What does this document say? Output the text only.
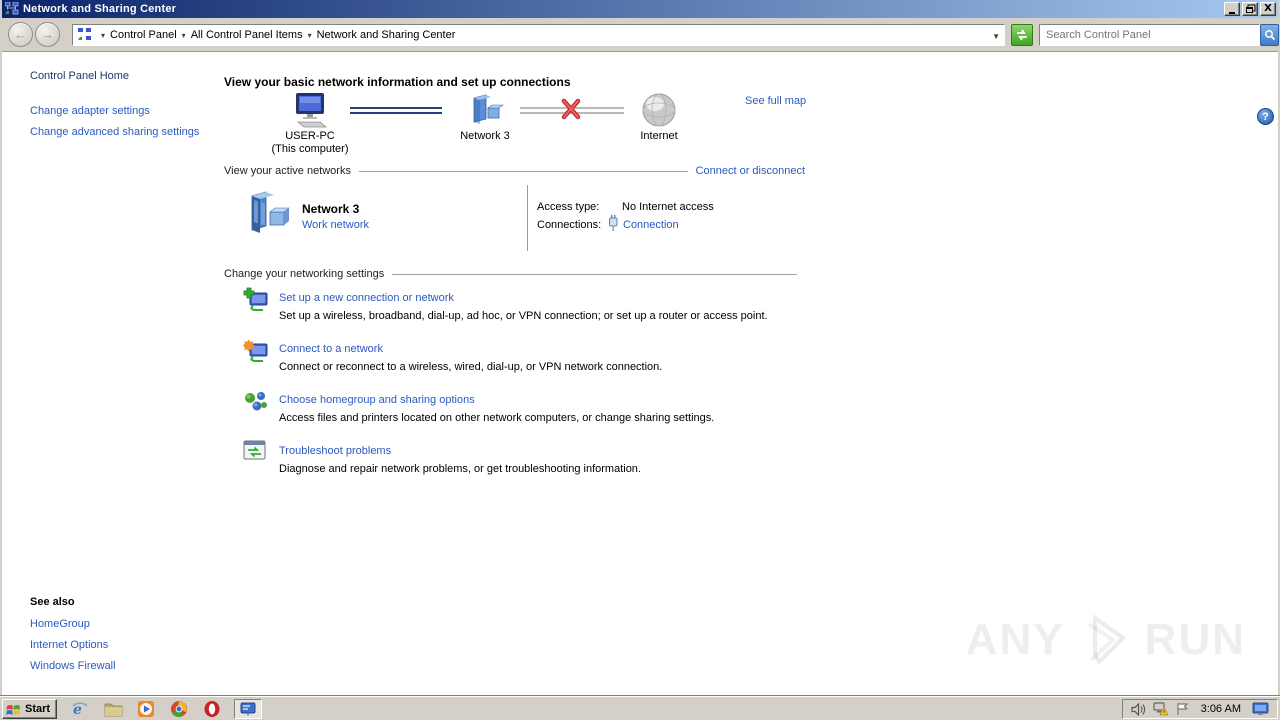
Network and Sharing Center	X
←	→	▾ Control Panel ▾ All Control Panel Items ▾ Network and Sharing Center	▼
Search Control Panel
?
Control Panel Home
Change adapter settings
Change advanced sharing settings
See also
HomeGroup
Internet Options
Windows Firewall
View your basic network information and set up connections
USER-PC
(This computer)
Network 3	Internet
See full map
View your active networks	Connect or disconnect
Network 3
Work network
Access type: No Internet access
Connections: Connection
Change your networking settings
Set up a new connection or network
Set up a wireless, broadband, dial-up, ad hoc, or VPN connection; or set up a router or access point.
Connect to a network
Connect or reconnect to a wireless, wired, dial-up, or VPN network connection.
Choose homegroup and sharing options
Access files and printers located on other network computers, or change sharing settings.
Troubleshoot problems
Diagnose and repair network problems, or get troubleshooting information.
ANY RUN
Start e	3:06 AM
